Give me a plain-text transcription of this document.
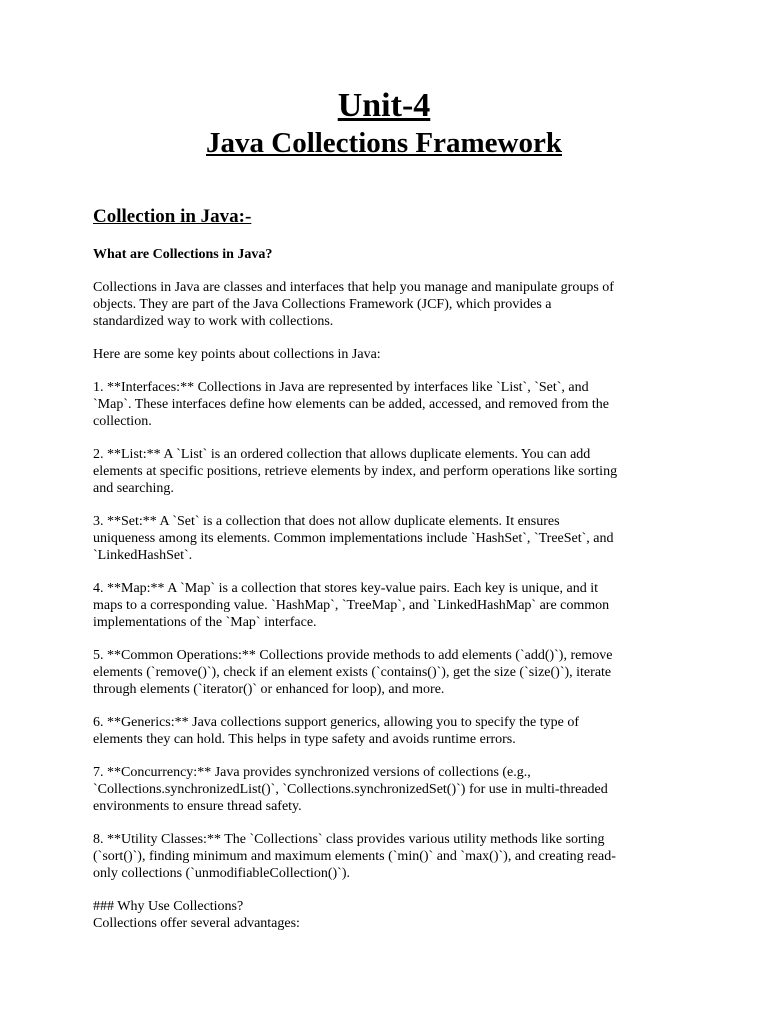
Unit-4
Java Collections Framework
Collection in Java:-
What are Collections in Java?
Collections in Java are classes and interfaces that help you manage and manipulate groups of
objects. They are part of the Java Collections Framework (JCF), which provides a
standardized way to work with collections.
Here are some key points about collections in Java:
1. **Interfaces:** Collections in Java are represented by interfaces like `List`, `Set`, and
`Map`. These interfaces define how elements can be added, accessed, and removed from the
collection.
2. **List:** A `List` is an ordered collection that allows duplicate elements. You can add
elements at specific positions, retrieve elements by index, and perform operations like sorting
and searching.
3. **Set:** A `Set` is a collection that does not allow duplicate elements. It ensures
uniqueness among its elements. Common implementations include `HashSet`, `TreeSet`, and
`LinkedHashSet`.
4. **Map:** A `Map` is a collection that stores key-value pairs. Each key is unique, and it
maps to a corresponding value. `HashMap`, `TreeMap`, and `LinkedHashMap` are common
implementations of the `Map` interface.
5. **Common Operations:** Collections provide methods to add elements (`add()`), remove
elements (`remove()`), check if an element exists (`contains()`), get the size (`size()`), iterate
through elements (`iterator()` or enhanced for loop), and more.
6. **Generics:** Java collections support generics, allowing you to specify the type of
elements they can hold. This helps in type safety and avoids runtime errors.
7. **Concurrency:** Java provides synchronized versions of collections (e.g.,
`Collections.synchronizedList()`, `Collections.synchronizedSet()`) for use in multi-threaded
environments to ensure thread safety.
8. **Utility Classes:** The `Collections` class provides various utility methods like sorting
(`sort()`), finding minimum and maximum elements (`min()` and `max()`), and creating read-
only collections (`unmodifiableCollection()`).
### Why Use Collections?
Collections offer several advantages:
